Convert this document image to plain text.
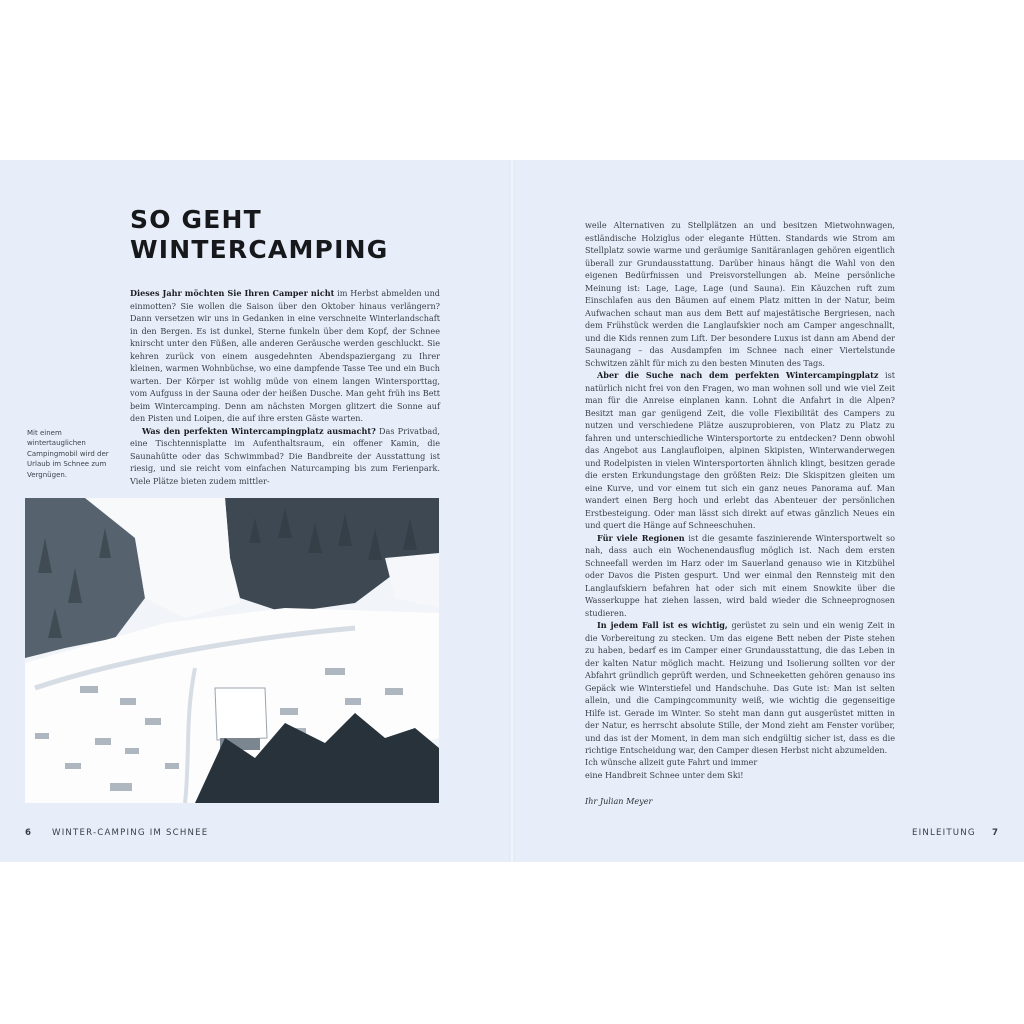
SO GEHT
WINTERCAMPING

Dieses Jahr möchten Sie Ihren Camper nicht im Herbst abmelden und einmotten? Sie wollen die Saison über den Oktober hinaus verlängern? Dann versetzen wir uns in Gedanken in eine verschneite Winterlandschaft in den Bergen. Es ist dunkel, Sterne funkeln über dem Kopf, der Schnee knirscht unter den Füßen, alle anderen Geräusche werden geschluckt. Sie kehren zurück von einem ausgedehnten Abendspaziergang zu Ihrer kleinen, warmen Wohnbüchse, wo eine dampfende Tasse Tee und ein Buch warten. Der Körper ist wohlig müde von einem langen Wintersporttag, vom Aufguss in der Sauna oder der heißen Dusche. Man geht früh ins Bett beim Wintercamping. Denn am nächsten Morgen glitzert die Sonne auf den Pisten und Loipen, die auf ihre ersten Gäste warten.

Was den perfekten Wintercampingplatz ausmacht? Das Privatbad, eine Tischtennisplatte im Aufenthaltsraum, ein offener Kamin, die Saunahütte oder das Schwimmbad? Die Bandbreite der Ausstattung ist riesig, und sie reicht vom einfachen Naturcamping bis zum Ferienpark. Viele Plätze bieten zudem mittler-

Mit einem wintertauglichen Campingmobil wird der Urlaub im Schnee zum Vergnügen.
6 WINTER-CAMPING IM SCHNEE

weile Alternativen zu Stellplätzen an und besitzen Mietwohnwagen, estländische Holziglus oder elegante Hütten. Standards wie Strom am Stellplatz sowie warme und geräumige Sanitäranlagen gehören eigentlich überall zur Grundausstattung. Darüber hinaus hängt die Wahl von den eigenen Bedürfnissen und Preisvorstellungen ab. Meine persönliche Meinung ist: Lage, Lage, Lage (und Sauna). Ein Käuzchen ruft zum Einschlafen aus den Bäumen auf einem Platz mitten in der Natur, beim Aufwachen schaut man aus dem Bett auf majestätische Bergriesen, nach dem Frühstück werden die Langlaufskier noch am Camper angeschnallt, und die Kids rennen zum Lift. Der besondere Luxus ist dann am Abend der Saunagang – das Ausdampfen im Schnee nach einer Viertelstunde Schwitzen zählt für mich zu den besten Minuten des Tags.

Aber die Suche nach dem perfekten Wintercampingplatz ist natürlich nicht frei von den Fragen, wo man wohnen soll und wie viel Zeit man für die Anreise einplanen kann. Lohnt die Anfahrt in die Alpen? Besitzt man gar genügend Zeit, die volle Flexibilität des Campers zu nutzen und verschiedene Plätze auszuprobieren, von Platz zu Platz zu fahren und unterschiedliche Wintersportorte zu entdecken? Denn obwohl das Angebot aus Langlaufloipen, alpinen Skipisten, Winterwanderwegen und Rodelpisten in vielen Wintersportorten ähnlich klingt, besitzen gerade die ersten Erkundungstage den größten Reiz: Die Skispitzen gleiten um eine Kurve, und vor einem tut sich ein ganz neues Panorama auf. Man wandert einen Berg hoch und erlebt das Abenteuer der persönlichen Erstbesteigung. Oder man lässt sich direkt auf etwas gänzlich Neues ein und quert die Hänge auf Schneeschuhen.

Für viele Regionen ist die gesamte faszinierende Wintersportwelt so nah, dass auch ein Wochenendausflug möglich ist. Nach dem ersten Schneefall werden im Harz oder im Sauerland genauso wie in Kitzbühel oder Davos die Pisten gespurt. Und wer einmal den Rennsteig mit den Langlaufskiern befahren hat oder sich mit einem Snowkite über die Wasserkuppe hat ziehen lassen, wird bald wieder die Schneeprognosen studieren.

In jedem Fall ist es wichtig, gerüstet zu sein und ein wenig Zeit in die Vorbereitung zu stecken. Um das eigene Bett neben der Piste stehen zu haben, bedarf es im Camper einer Grundausstattung, die das Leben in der kalten Natur möglich macht. Heizung und Isolierung sollten vor der Abfahrt gründlich geprüft werden, und Schneeketten gehören genauso ins Gepäck wie Winterstiefel und Handschuhe. Das Gute ist: Man ist selten allein, und die Campingcommunity weiß, wie wichtig die gegenseitige Hilfe ist. Gerade im Winter. So steht man dann gut ausgerüstet mitten in der Natur, es herrscht absolute Stille, der Mond zieht am Fenster vorüber, und das ist der Moment, in dem man sich endgültig sicher ist, dass es die richtige Entscheidung war, den Camper diesen Herbst nicht abzumelden.

Ich wünsche allzeit gute Fahrt und immer
eine Handbreit Schnee unter dem Ski!
Ihr Julian Meyer
EINLEITUNG 7
